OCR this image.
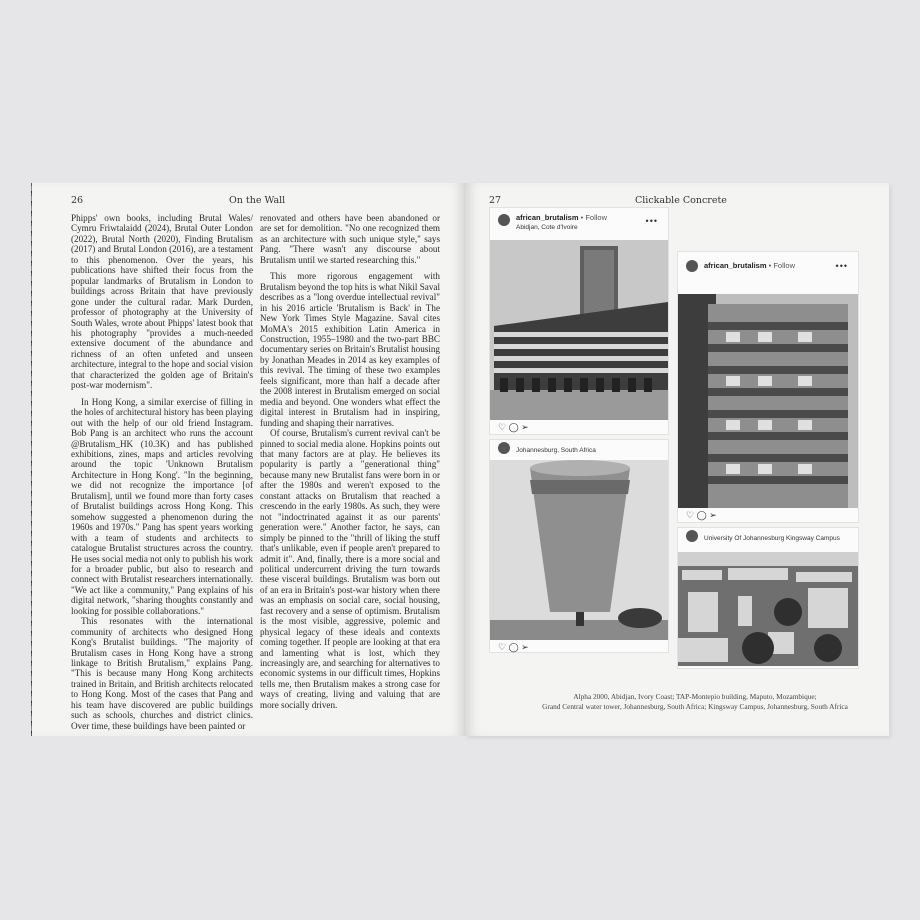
26	On the Wall

Phipps' own books, including Brutal Wales/ Cymru Friwtalaidd (2024), Brutal Outer London (2022), Brutal North (2020), Finding Brutalism (2017) and Brutal London (2016), are a testament to this phenomenon. Over the years, his publications have shifted their focus from the popular landmarks of Brutalism in London to buildings across Britain that have previously gone under the cultural radar. Mark Durden, professor of photography at the University of South Wales, wrote about Phipps' latest book that his photography "provides a much-needed extensive document of the abundance and richness of an often unfeted and unseen architecture, integral to the hope and social vision that characterized the golden age of Britain's post-war modernism".

In Hong Kong, a similar exercise of filling in the holes of architectural history has been playing out with the help of our old friend Instagram. Bob Pang is an architect who runs the account @Brutalism_HK (10.3K) and has published exhibitions, zines, maps and articles revolving around the topic 'Unknown Brutalism Architecture in Hong Kong'. "In the beginning, we did not recognize the importance [of Brutalism], until we found more than forty cases of Brutalist buildings across Hong Kong. This somehow suggested a phenomenon during the 1960s and 1970s." Pang has spent years working with a team of students and architects to catalogue Brutalist structures across the country. He uses social media not only to publish his work for a broader public, but also to research and connect with Brutalist researchers internationally. "We act like a community," Pang explains of his digital network, "sharing thoughts constantly and looking for possible collaborations."

This resonates with the international community of architects who designed Hong Kong's Brutalist buildings. "The majority of Brutalism cases in Hong Kong have a strong linkage to British Brutalism," explains Pang. "This is because many Hong Kong architects trained in Britain, and British architects relocated to Hong Kong. Most of the cases that Pang and his team have discovered are public buildings such as schools, churches and district clinics. Over time, these buildings have been painted or

renovated and others have been abandoned or are set for demolition. "No one recognized them as an architecture with such unique style," says Pang. "There wasn't any discourse about Brutalism until we started researching this."

This more rigorous engagement with Brutalism beyond the top hits is what Nikil Saval describes as a "long overdue intellectual revival" in his 2016 article 'Brutalism is Back' in The New York Times Style Magazine. Saval cites MoMA's 2015 exhibition Latin America in Construction, 1955–1980 and the two-part BBC documentary series on Britain's Brutalist housing by Jonathan Meades in 2014 as key examples of this revival. The timing of these two examples feels significant, more than half a decade after the 2008 interest in Brutalism emerged on social media and beyond. One wonders what effect the digital interest in Brutalism had in inspiring, funding and shaping their narratives.

Of course, Brutalism's current revival can't be pinned to social media alone. Hopkins points out that many factors are at play. He believes its popularity is partly a "generational thing" because many new Brutalist fans were born in or after the 1980s and weren't exposed to the constant attacks on Brutalism that reached a crescendo in the early 1980s. As such, they were not "indoctrinated against it as our parents' generation were." Another factor, he says, can simply be pinned to the "thrill of liking the stuff that's unlikable, even if people aren't prepared to admit it". And, finally, there is a more social and political undercurrent driving the turn towards these visceral buildings. Brutalism was born out of an era in Britain's post-war history when there was an emphasis on social care, social housing, fast recovery and a sense of optimism. Brutalism is the most visible, aggressive, polemic and physical legacy of these ideals and contexts coming together. If people are looking at that era and lamenting what is lost, which they increasingly are, and searching for alternatives to economic systems in our difficult times, Hopkins tells me, then Brutalism makes a strong case for ways of creating, living and valuing that are more socially driven.

27	Clickable Concrete
african_brutalism • Follow
Abidjan, Cote d'Ivoire
•••
♡ ◯ ➢
Johannesburg, South Africa
♡ ◯ ➢
african_brutalism • Follow	•••
♡ ◯ ➢
University Of Johannesburg Kingsway Campus
Alpha 2000, Abidjan, Ivory Coast; TAP-Montepio building, Maputo, Mozambique;
Grand Central water tower, Johannesburg, South Africa; Kingsway Campus, Johannesburg, South Africa
